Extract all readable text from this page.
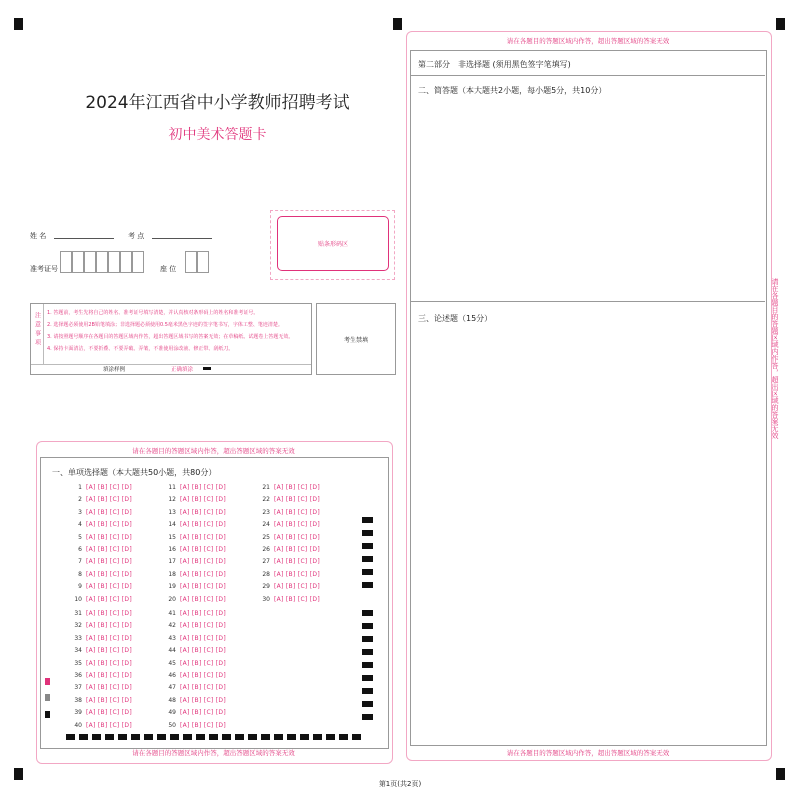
2024年江西省中小学教师招聘考试
初中美术答题卡
姓 名	考 点
准考证号	座 位
贴条形码区
注意事项 1. 答题前，考生先将自己的姓名、准考证号填写清楚，并认真核对条形码上的姓名和准考证号。
2. 选择题必须使用2B铅笔填涂；非选择题必须使用0.5毫米黑色字迹的签字笔书写，字体工整、笔迹清楚。
3. 请按照题号顺序在各题目的答题区域内作答，超出答题区域书写的答案无效；在草稿纸、试题卷上答题无效。
4. 保持卡面清洁，不要折叠、不要弄破、弄皱，不准使用涂改液、修正带、刮纸刀。
填涂样例	正确填涂
考生禁填
请在各题目的答题区域内作答，超出答题区域的答案无效
一、单项选择题（本大题共50小题，共80分）
1 [A] [B] [C] [D]
2 [A] [B] [C] [D]
3 [A] [B] [C] [D]
4 [A] [B] [C] [D]
5 [A] [B] [C] [D]
6 [A] [B] [C] [D]
7 [A] [B] [C] [D]
8 [A] [B] [C] [D]
9 [A] [B] [C] [D]
10 [A] [B] [C] [D]
11 [A] [B] [C] [D]
12 [A] [B] [C] [D]
13 [A] [B] [C] [D]
14 [A] [B] [C] [D]
15 [A] [B] [C] [D]
16 [A] [B] [C] [D]
17 [A] [B] [C] [D]
18 [A] [B] [C] [D]
19 [A] [B] [C] [D]
20 [A] [B] [C] [D]
21 [A] [B] [C] [D]
22 [A] [B] [C] [D]
23 [A] [B] [C] [D]
24 [A] [B] [C] [D]
25 [A] [B] [C] [D]
26 [A] [B] [C] [D]
27 [A] [B] [C] [D]
28 [A] [B] [C] [D]
29 [A] [B] [C] [D]
30 [A] [B] [C] [D]
31 [A] [B] [C] [D]
32 [A] [B] [C] [D]
33 [A] [B] [C] [D]
34 [A] [B] [C] [D]
35 [A] [B] [C] [D]
36 [A] [B] [C] [D]
37 [A] [B] [C] [D]
38 [A] [B] [C] [D]
39 [A] [B] [C] [D]
40 [A] [B] [C] [D]
41 [A] [B] [C] [D]
42 [A] [B] [C] [D]
43 [A] [B] [C] [D]
44 [A] [B] [C] [D]
45 [A] [B] [C] [D]
46 [A] [B] [C] [D]
47 [A] [B] [C] [D]
48 [A] [B] [C] [D]
49 [A] [B] [C] [D]
50 [A] [B] [C] [D]
请在各题目的答题区域内作答，超出答题区域的答案无效
请在各题目的答题区域内作答，超出答题区域的答案无效
第二部分　非选择题 (须用黑色签字笔填写)
二、简答题（本大题共2小题，每小题5分，共10分）
三、论述题（15分）
请在各题目的答题区域内作答，超出答题区域的答案无效
请在各题目的答题区域内作答，超出区域的答案无效
第1页(共2页)
